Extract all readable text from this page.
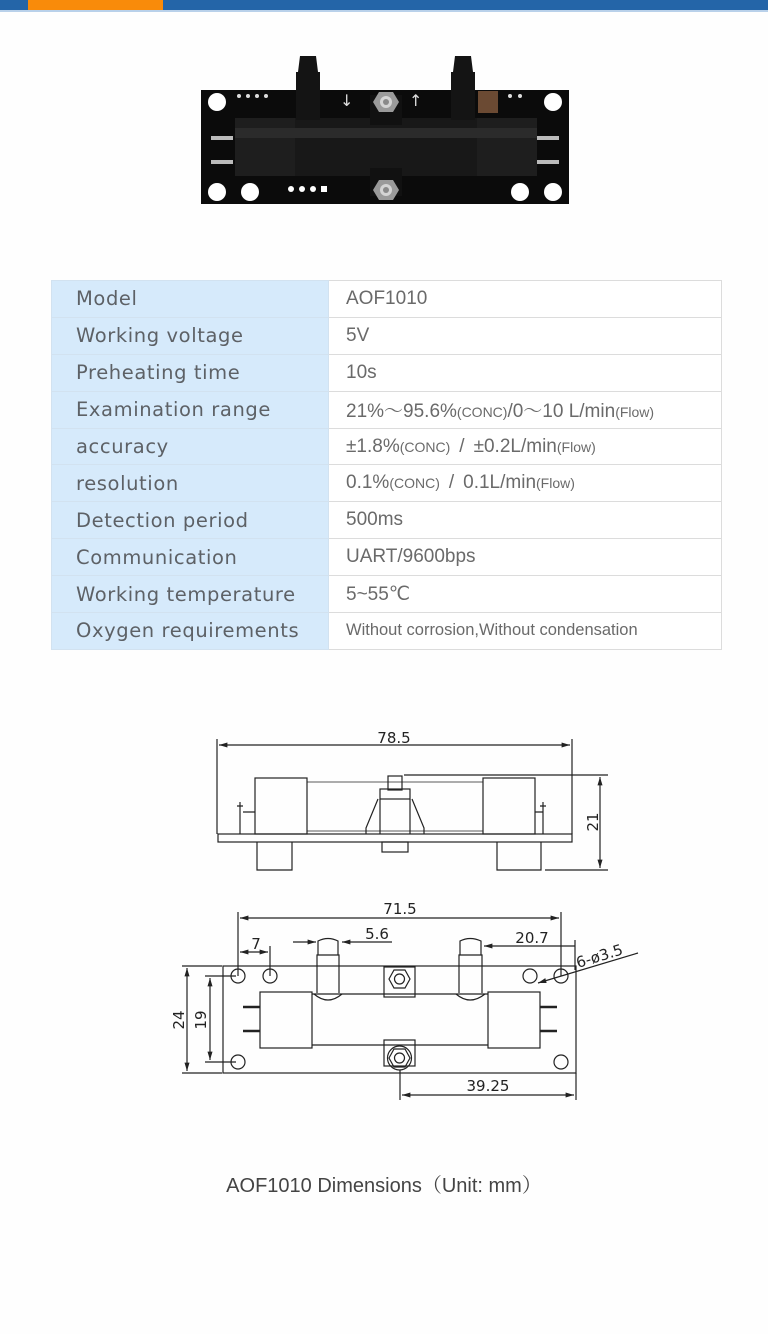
↓	↑
Model	AOF1010
Working voltage	5V
Preheating time	10s
Examination range	21%～95.6%(CONC)/0～10 L/min(Flow)
accuracy	±1.8%(CONC) / ±0.2L/min(Flow)
resolution	0.1%(CONC) / 0.1L/min(Flow)
Detection period	500ms
Communication	UART/9600bps
Working temperature	5~55℃
Oxygen requirements	Without corrosion,Without condensation
78.5
21
71.5
7
5.6	20.7
6-ø3.5
24 19
39.25
AOF1010 Dimensions（Unit: mm）
